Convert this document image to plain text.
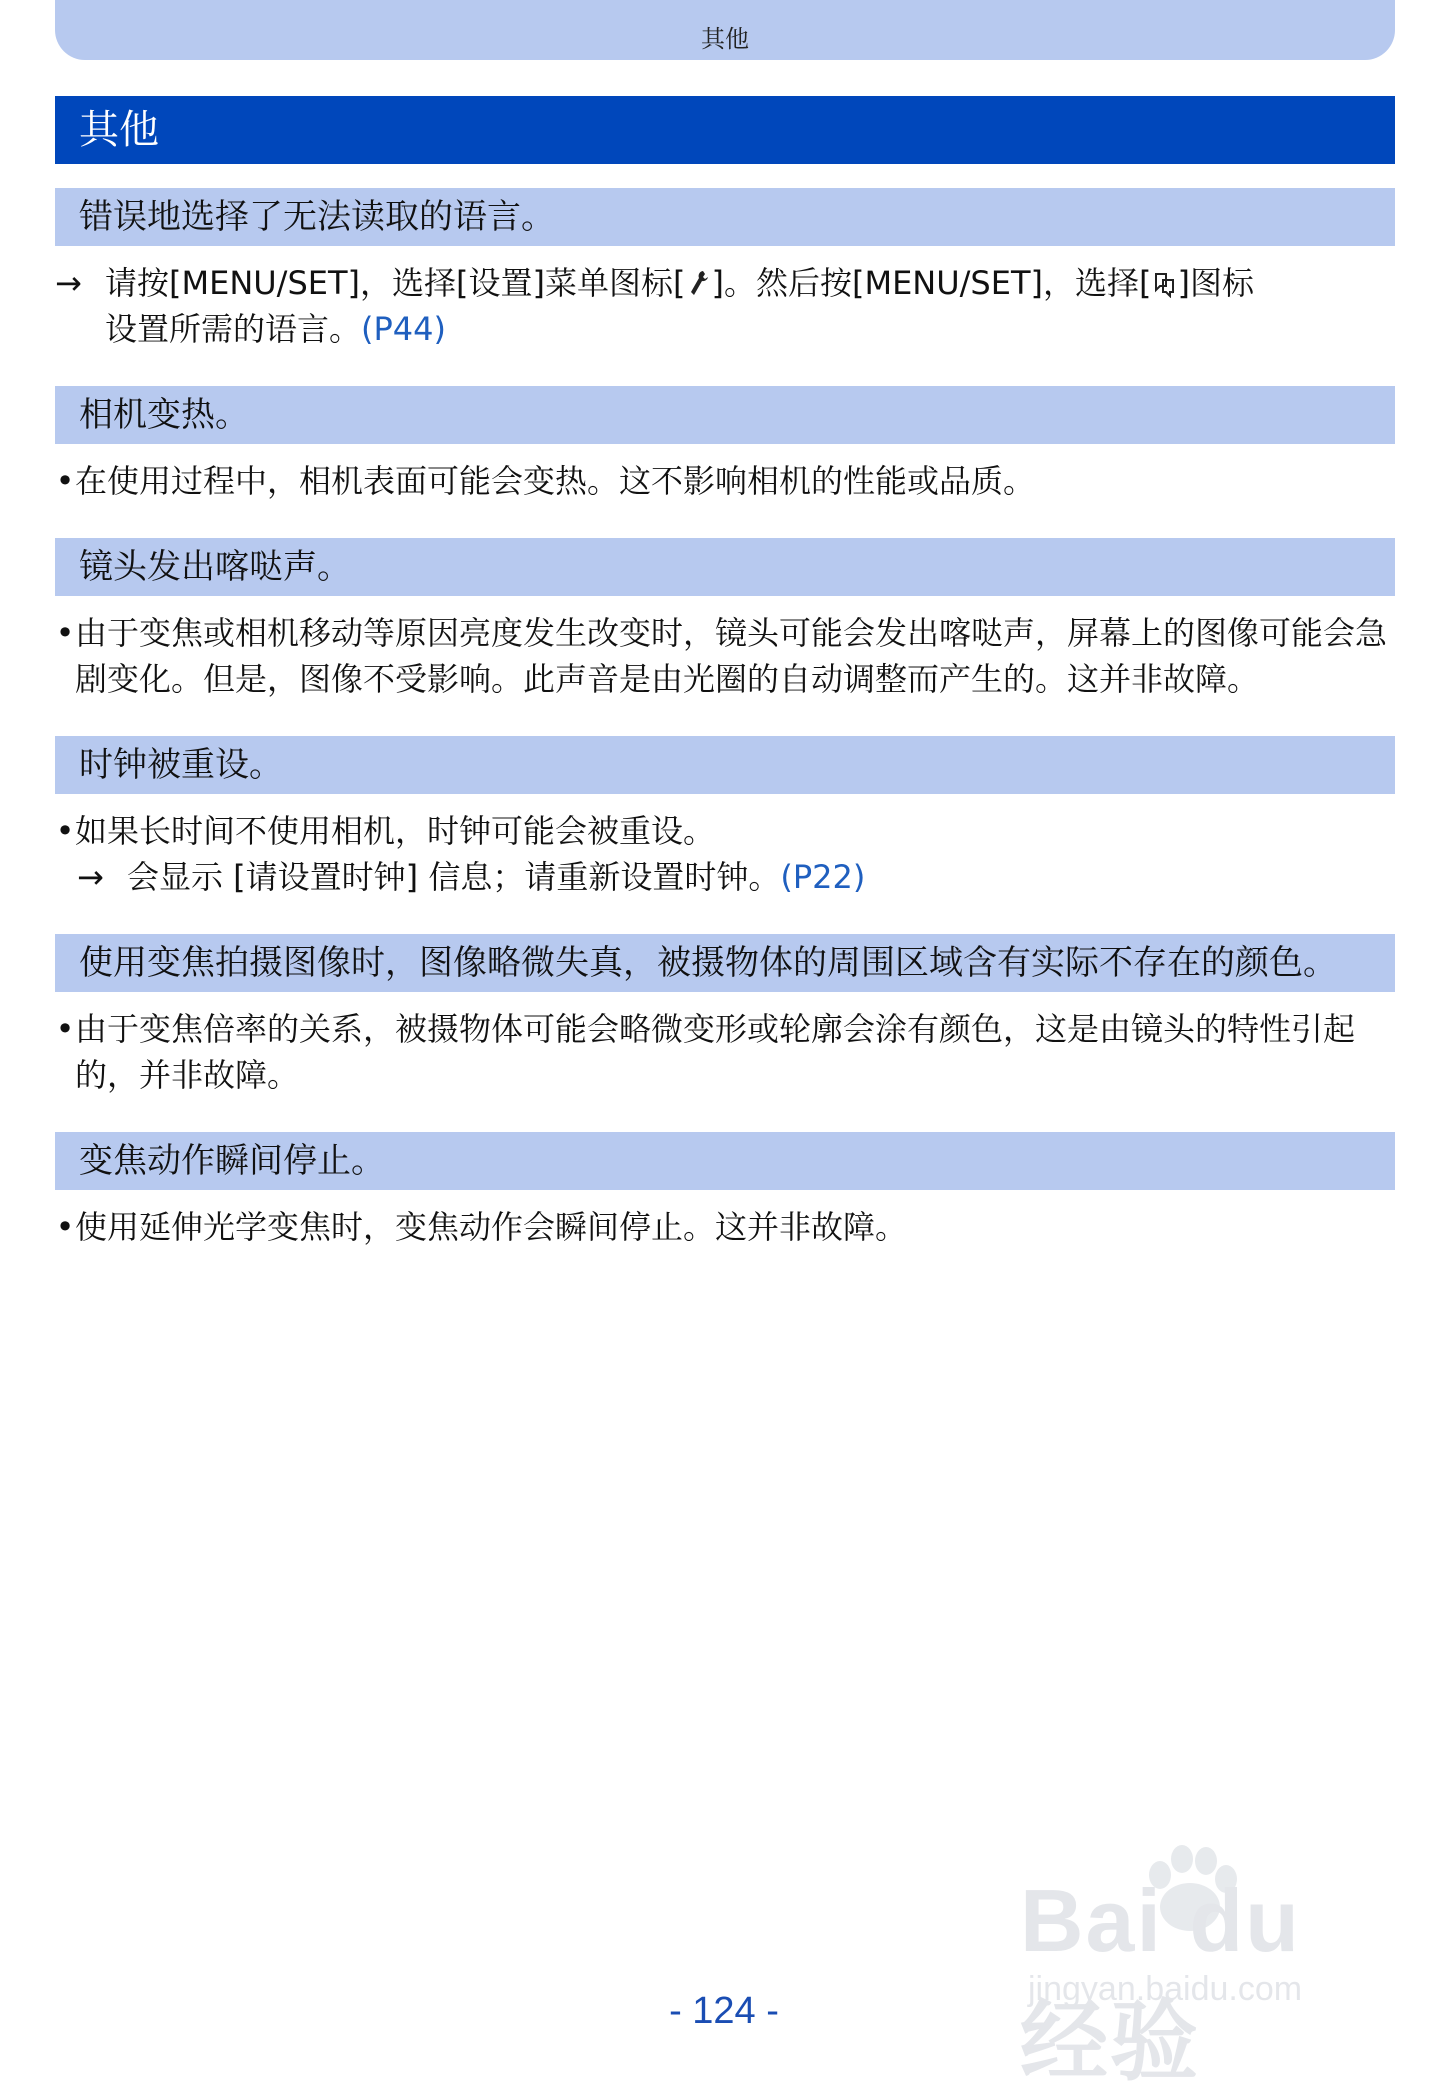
其他
其他
错误地选择了无法读取的语言。
→ 请按[MENU/SET]，选择[设置]菜单图标[ ]。然后按[MENU/SET]，选择[ ]图标
设置所需的语言。(P44)
相机变热。
• 在使用过程中，相机表面可能会变热。这不影响相机的性能或品质。
镜头发出喀哒声。
• 由于变焦或相机移动等原因亮度发生改变时，镜头可能会发出喀哒声，屏幕上的图像可能会急剧变化。但是，图像不受影响。此声音是由光圈的自动调整而产生的。这并非故障。
时钟被重设。
• 如果长时间不使用相机，时钟可能会被重设。
→ 会显示 [请设置时钟] 信息；请重新设置时钟。(P22)
使用变焦拍摄图像时，图像略微失真，被摄物体的周围区域含有实际不存在的颜色。
• 由于变焦倍率的关系，被摄物体可能会略微变形或轮廓会涂有颜色，这是由镜头的特性引起的，并非故障。
变焦动作瞬间停止。
• 使用延伸光学变焦时，变焦动作会瞬间停止。这并非故障。
Bai du 经验
jingyan.baidu.com
- 124 -
